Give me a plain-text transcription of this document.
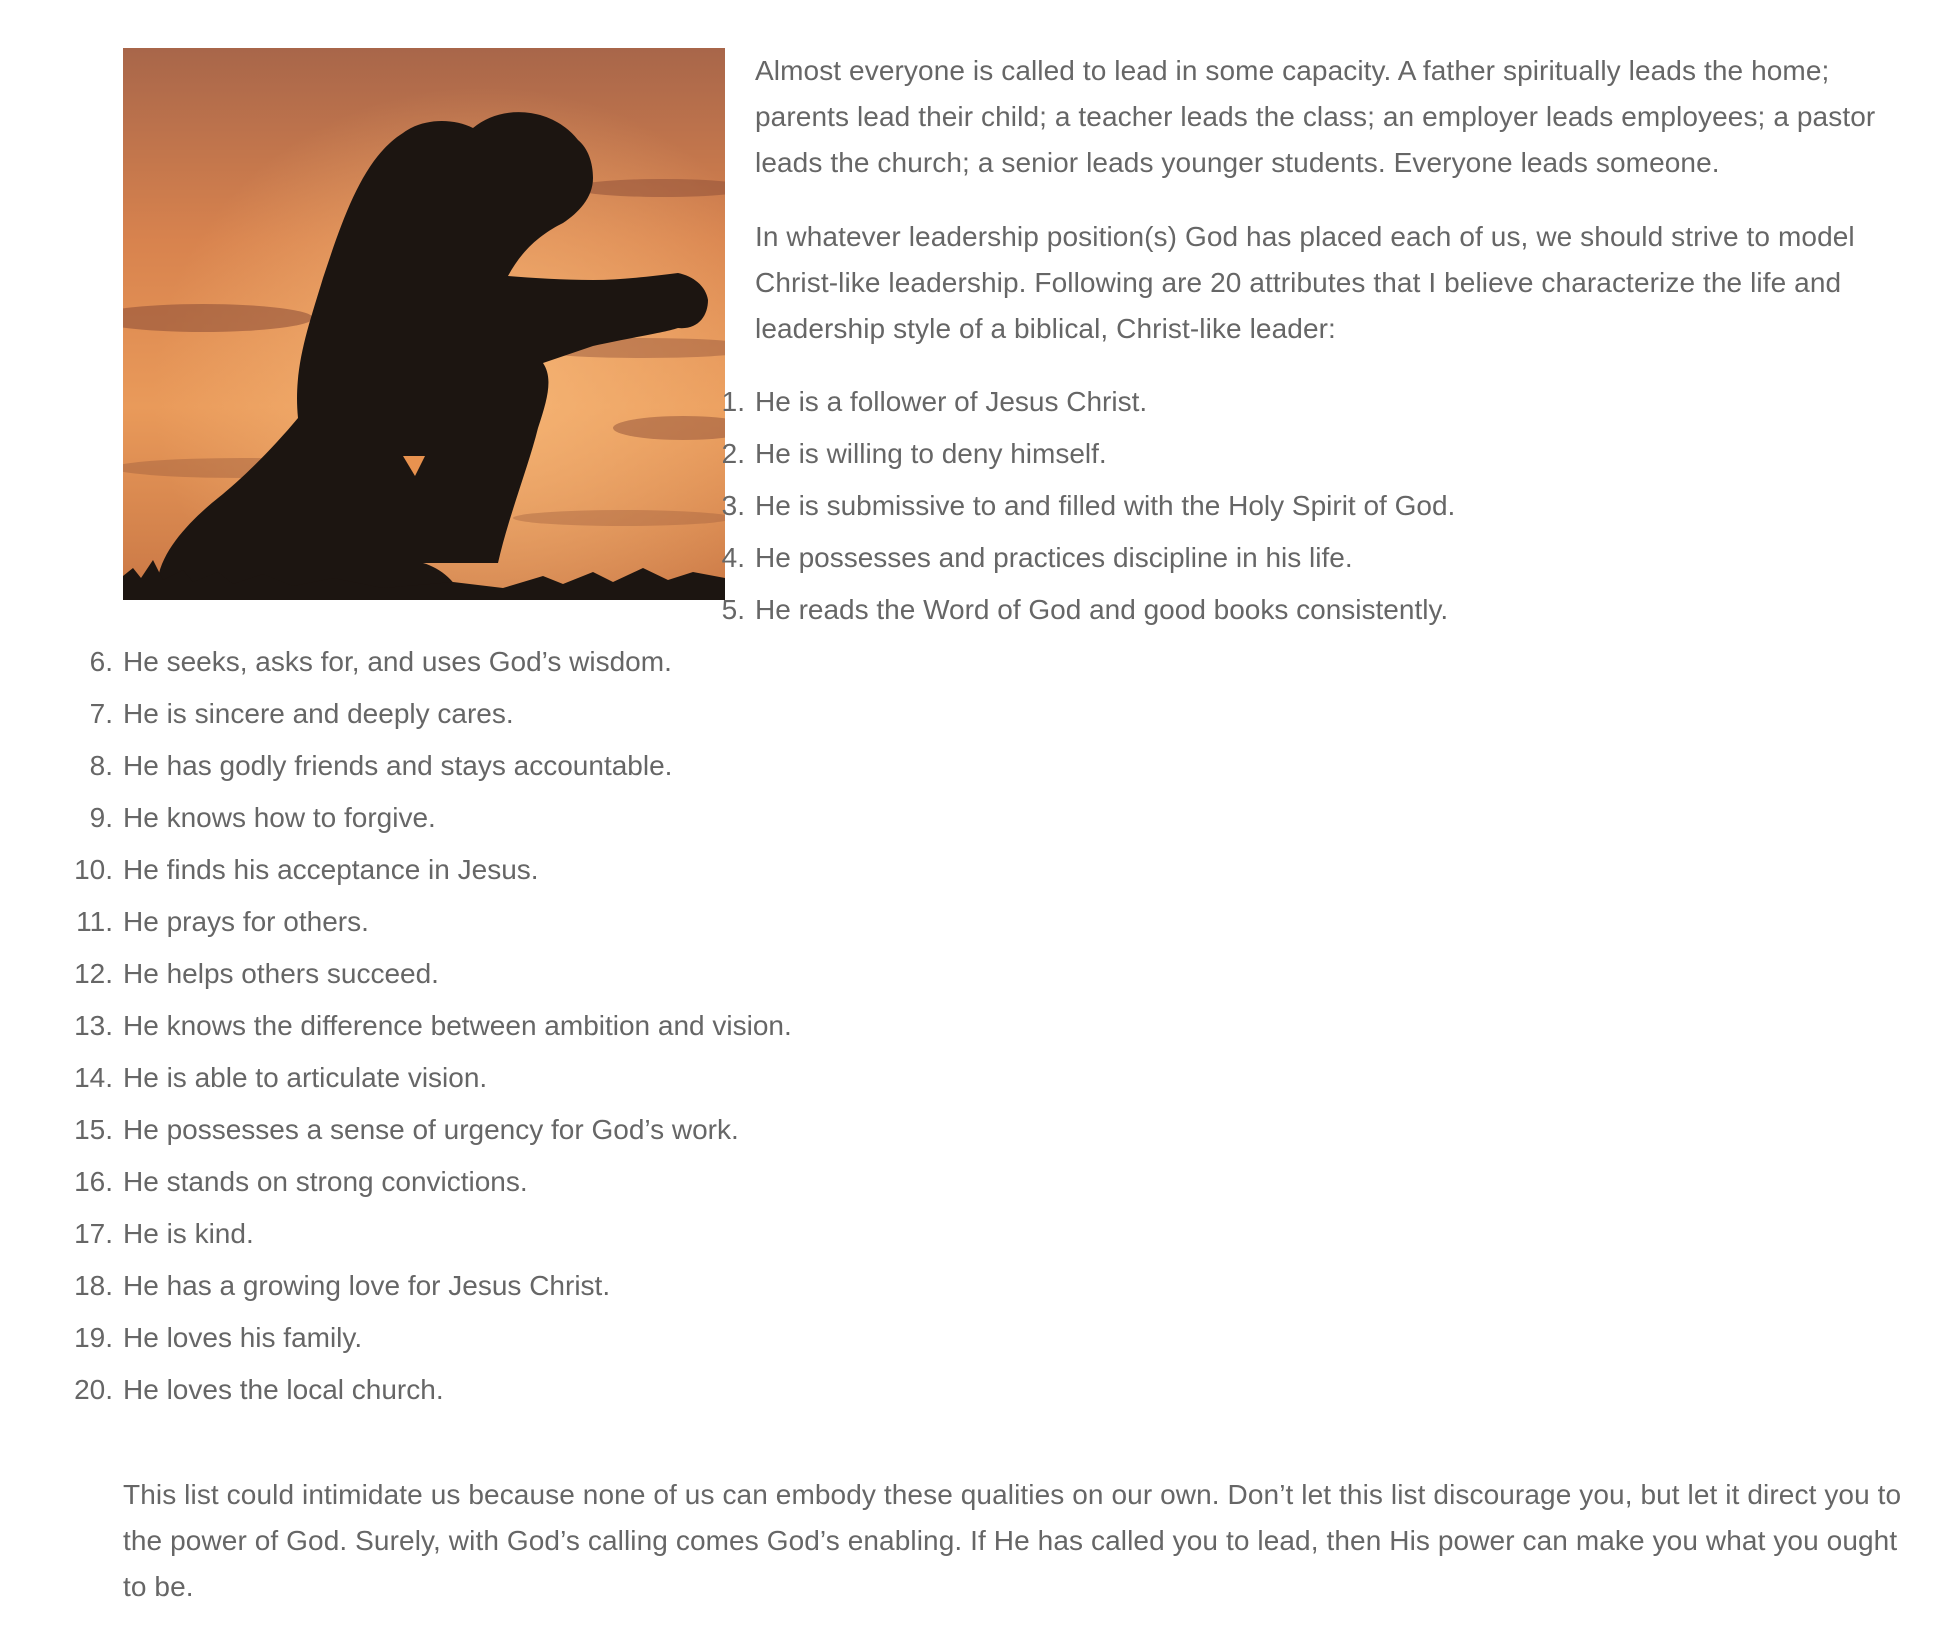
Almost everyone is called to lead in some capacity. A father spiritually leads the home; parents lead their child; a teacher leads the class; an employer leads employees; a pastor leads the church; a senior leads younger students. Everyone leads someone.

In whatever leadership position(s) God has placed each of us, we should strive to model Christ-like leadership. Following are 20 attributes that I believe characterize the life and leadership style of a biblical, Christ-like leader:

1. He is a follower of Jesus Christ.
2. He is willing to deny himself.
3. He is submissive to and filled with the Holy Spirit of God.
4. He possesses and practices discipline in his life.
5. He reads the Word of God and good books consistently.
6. He seeks, asks for, and uses God’s wisdom.
7. He is sincere and deeply cares.
8. He has godly friends and stays accountable.
9. He knows how to forgive.
10. He finds his acceptance in Jesus.
11. He prays for others.
12. He helps others succeed.
13. He knows the difference between ambition and vision.
14. He is able to articulate vision.
15. He possesses a sense of urgency for God’s work.
16. He stands on strong convictions.
17. He is kind.
18. He has a growing love for Jesus Christ.
19. He loves his family.
20. He loves the local church.

This list could intimidate us because none of us can embody these qualities on our own. Don’t let this list discourage you, but let it direct you to the power of God. Surely, with God’s calling comes God’s enabling. If He has called you to lead, then His power can make you what you ought to be.
